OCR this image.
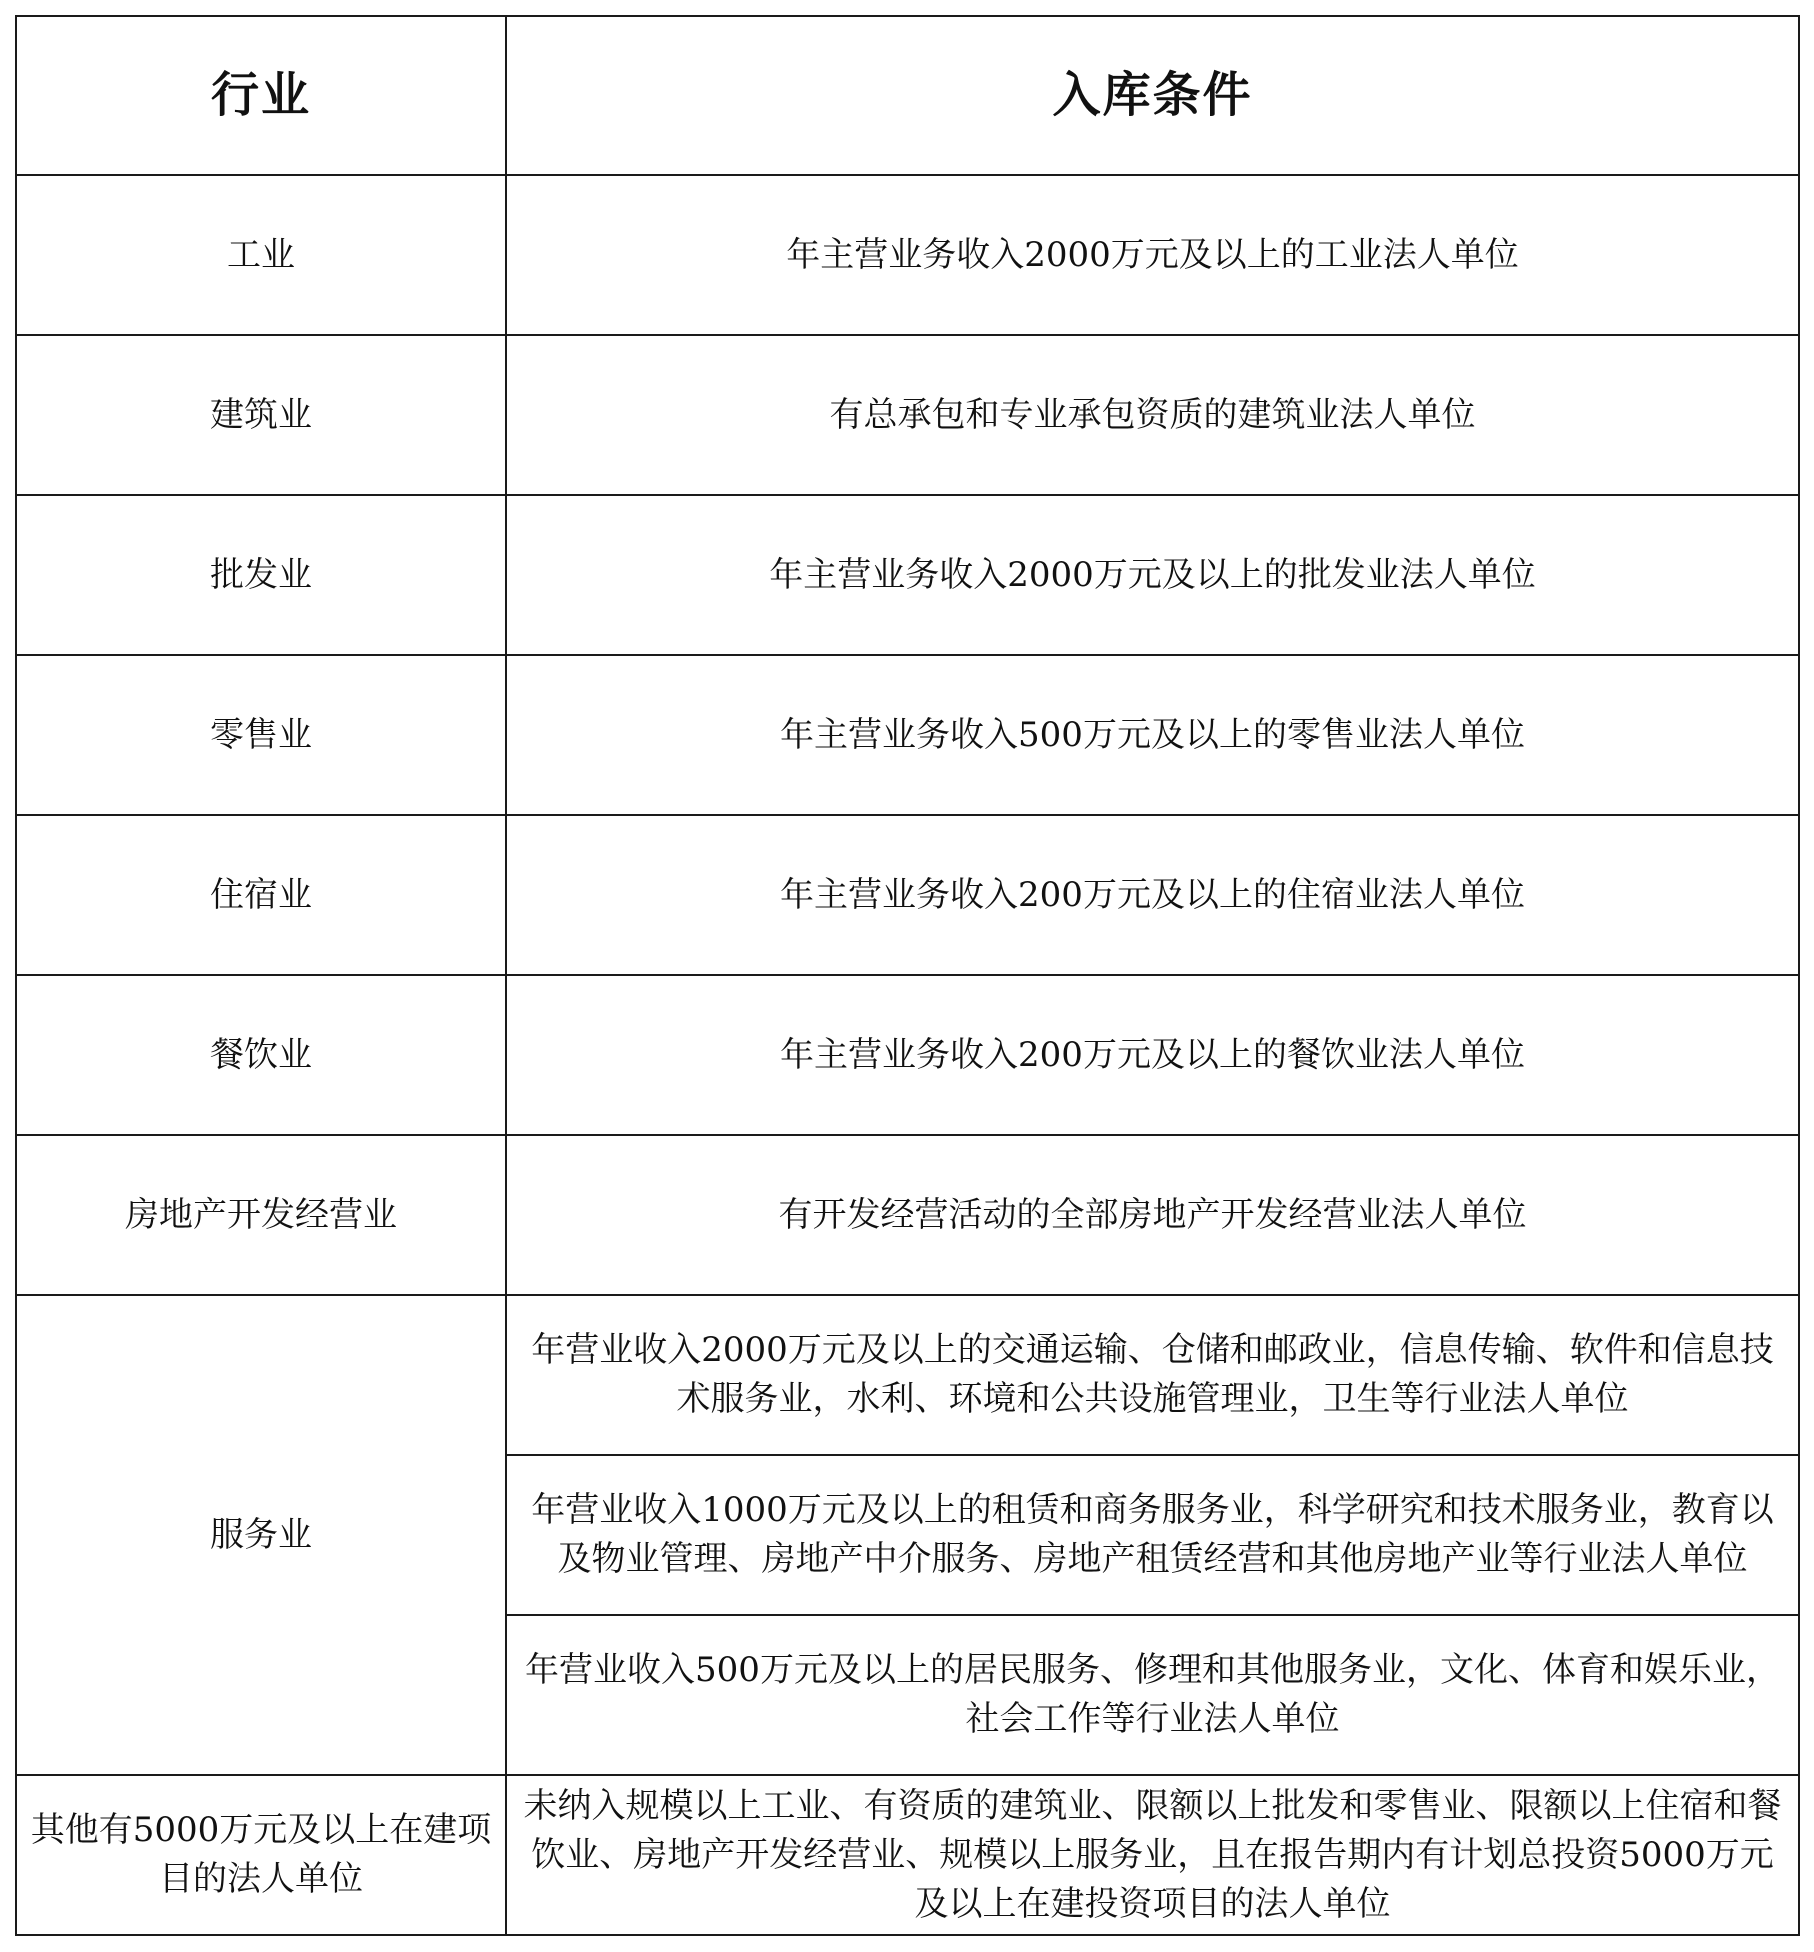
行业	入库条件
工业	年主营业务收入2000万元及以上的工业法人单位
建筑业	有总承包和专业承包资质的建筑业法人单位
批发业	年主营业务收入2000万元及以上的批发业法人单位
零售业	年主营业务收入500万元及以上的零售业法人单位
住宿业	年主营业务收入200万元及以上的住宿业法人单位
餐饮业	年主营业务收入200万元及以上的餐饮业法人单位
房地产开发经营业	有开发经营活动的全部房地产开发经营业法人单位
服务业	年营业收入2000万元及以上的交通运输、仓储和邮政业，信息传输、软件和信息技术服务业，水利、环境和公共设施管理业，卫生等行业法人单位
	年营业收入1000万元及以上的租赁和商务服务业，科学研究和技术服务业，教育以及物业管理、房地产中介服务、房地产租赁经营和其他房地产业等行业法人单位
	年营业收入500万元及以上的居民服务、修理和其他服务业，文化、体育和娱乐业，社会工作等行业法人单位
其他有5000万元及以上在建项目的法人单位	未纳入规模以上工业、有资质的建筑业、限额以上批发和零售业、限额以上住宿和餐饮业、房地产开发经营业、规模以上服务业，且在报告期内有计划总投资5000万元及以上在建投资项目的法人单位
